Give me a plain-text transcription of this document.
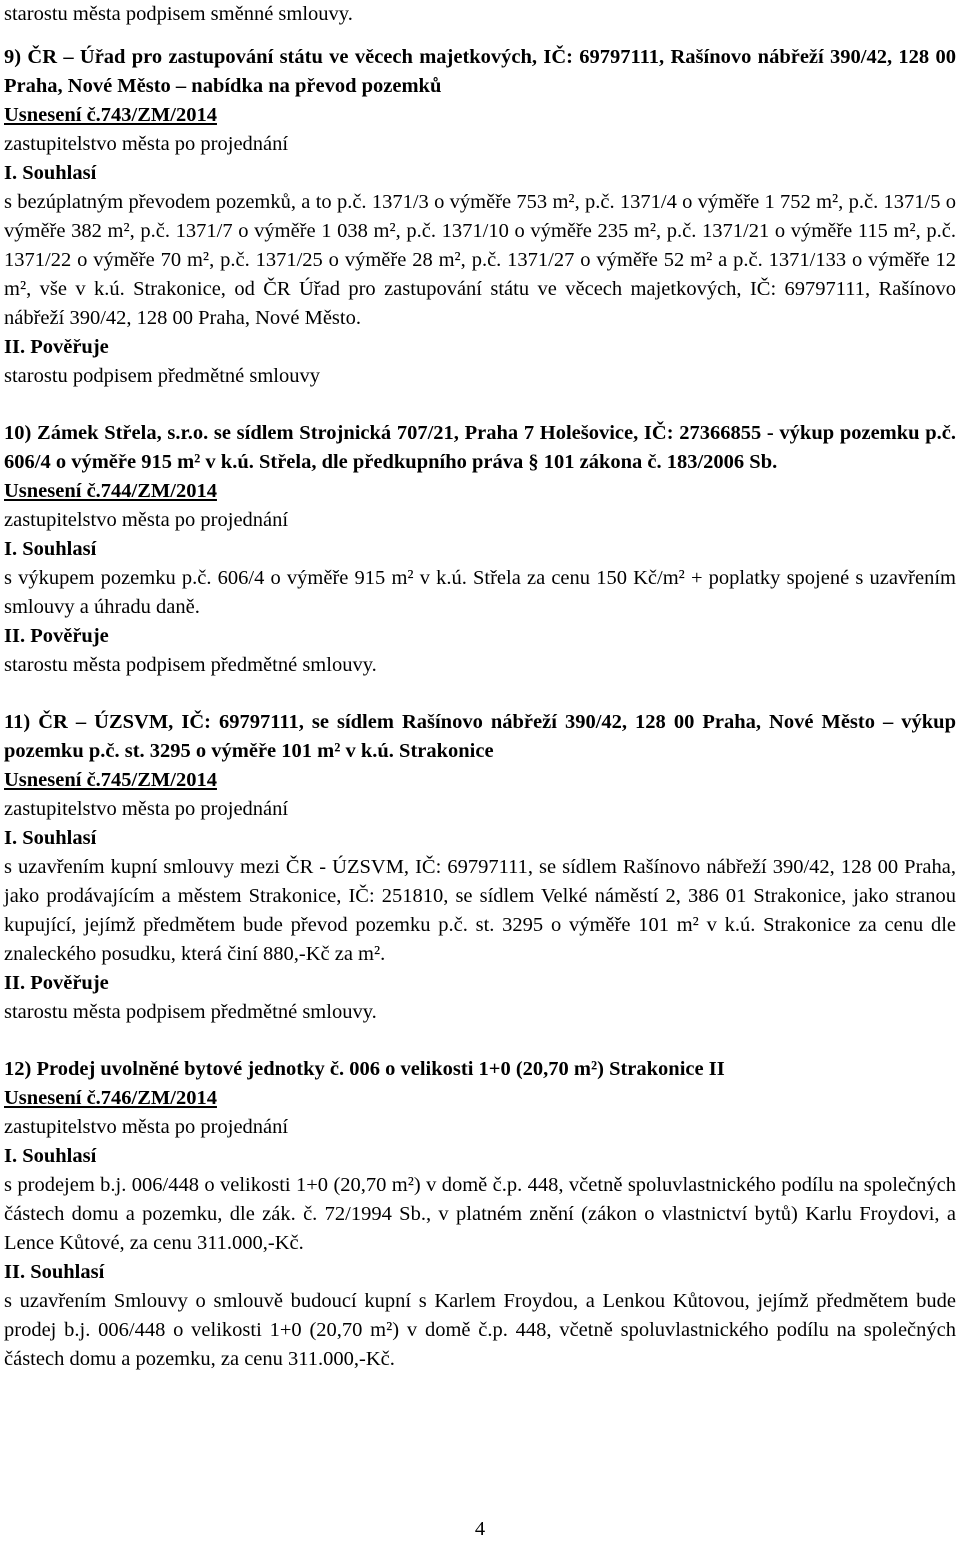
starostu města podpisem směnné smlouvy.

9) ČR – Úřad pro zastupování státu ve věcech majetkových, IČ: 69797111, Rašínovo nábřeží 390/42, 128 00 Praha, Nové Město – nabídka na převod pozemků

Usnesení č.743/ZM/2014

zastupitelstvo města po projednání

I. Souhlasí

s bezúplatným převodem pozemků, a to p.č. 1371/3 o výměře 753 m², p.č. 1371/4 o výměře 1 752 m², p.č. 1371/5 o výměře 382 m², p.č. 1371/7 o výměře 1 038 m², p.č. 1371/10 o výměře 235 m², p.č. 1371/21 o výměře 115 m², p.č. 1371/22 o výměře 70 m², p.č. 1371/25 o výměře 28 m², p.č. 1371/27 o výměře 52 m² a p.č. 1371/133 o výměře 12 m², vše v k.ú. Strakonice, od ČR Úřad pro zastupování státu ve věcech majetkových, IČ: 69797111, Rašínovo nábřeží 390/42, 128 00 Praha, Nové Město.

II. Pověřuje

starostu podpisem předmětné smlouvy

10) Zámek Střela, s.r.o. se sídlem Strojnická 707/21, Praha 7 Holešovice, IČ: 27366855 - výkup pozemku p.č. 606/4 o výměře 915 m² v k.ú. Střela, dle předkupního práva § 101 zákona č. 183/2006 Sb.

Usnesení č.744/ZM/2014

zastupitelstvo města po projednání

I. Souhlasí

s výkupem pozemku p.č. 606/4 o výměře 915 m² v k.ú. Střela za cenu 150 Kč/m² + poplatky spojené s uzavřením smlouvy a úhradu daně.

II. Pověřuje

starostu města podpisem předmětné smlouvy.

11) ČR – ÚZSVM, IČ: 69797111, se sídlem Rašínovo nábřeží 390/42, 128 00 Praha, Nové Město – výkup pozemku p.č. st. 3295 o výměře 101 m² v k.ú. Strakonice

Usnesení č.745/ZM/2014

zastupitelstvo města po projednání

I. Souhlasí

s uzavřením kupní smlouvy mezi ČR - ÚZSVM, IČ: 69797111, se sídlem Rašínovo nábřeží 390/42, 128 00 Praha, jako prodávajícím a městem Strakonice, IČ: 251810, se sídlem Velké náměstí 2, 386 01 Strakonice, jako stranou kupující, jejímž předmětem bude převod pozemku p.č. st. 3295 o výměře 101 m² v k.ú. Strakonice za cenu dle znaleckého posudku, která činí 880,-Kč za m².

II. Pověřuje

starostu města podpisem předmětné smlouvy.

12) Prodej uvolněné bytové jednotky č. 006 o velikosti 1+0 (20,70 m²) Strakonice II

Usnesení č.746/ZM/2014

zastupitelstvo města po projednání

I. Souhlasí

s prodejem b.j. 006/448 o velikosti 1+0 (20,70 m²) v domě č.p. 448, včetně spoluvlastnického podílu na společných částech domu a pozemku, dle zák. č. 72/1994 Sb., v platném znění (zákon o vlastnictví bytů) Karlu Froydovi, a Lence Kůtové, za cenu 311.000,-Kč.

II. Souhlasí

s uzavřením Smlouvy o smlouvě budoucí kupní s Karlem Froydou, a Lenkou Kůtovou, jejímž předmětem bude prodej b.j. 006/448 o velikosti 1+0 (20,70 m²) v domě č.p. 448, včetně spoluvlastnického podílu na společných částech domu a pozemku, za cenu 311.000,-Kč.

4
